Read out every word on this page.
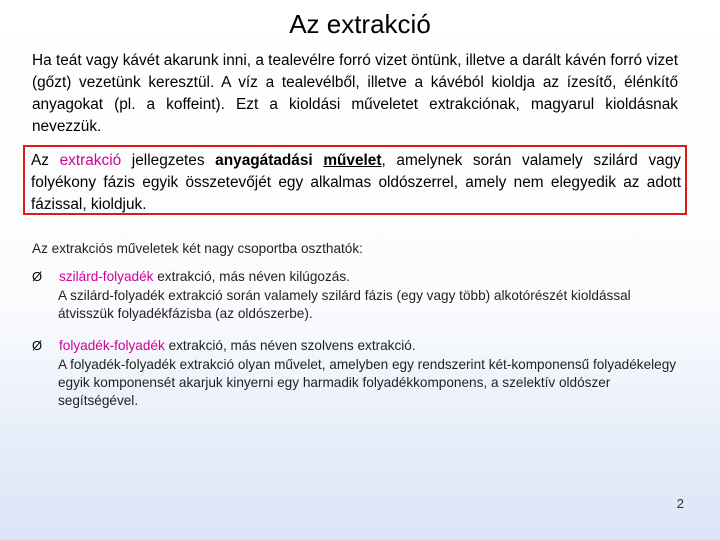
Az extrakció
Ha teát vagy kávét akarunk inni, a tealevélre forró vizet öntünk, illetve a darált kávén forró vizet (gőzt) vezetünk keresztül. A víz a tealevélből, illetve a kávéból kioldja az ízesítő, élénkítő anyagokat (pl. a koffeint). Ezt a kioldási műveletet extrakciónak, magyarul kioldásnak nevezzük.
Az extrakció jellegzetes anyagátadási művelet, amelynek során valamely szilárd vagy folyékony fázis egyik összetevőjét egy alkalmas oldószerrel, amely nem elegyedik az adott fázissal, kioldjuk.
Az extrakciós műveletek két nagy csoportba oszthatók:
Ø	szilárd-folyadék extrakció, más néven kilúgozás.
A szilárd-folyadék extrakció során valamely szilárd fázis (egy vagy több) alkotórészét kioldással átvisszük folyadékfázisba (az oldószerbe).
Ø	folyadék-folyadék extrakció, más néven szolvens extrakció.
A folyadék-folyadék extrakció olyan művelet, amelyben egy rendszerint két-komponensű folyadékelegy egyik komponensét akarjuk kinyerni egy harmadik folyadékkomponens, a szelektív oldószer segítségével.
2
